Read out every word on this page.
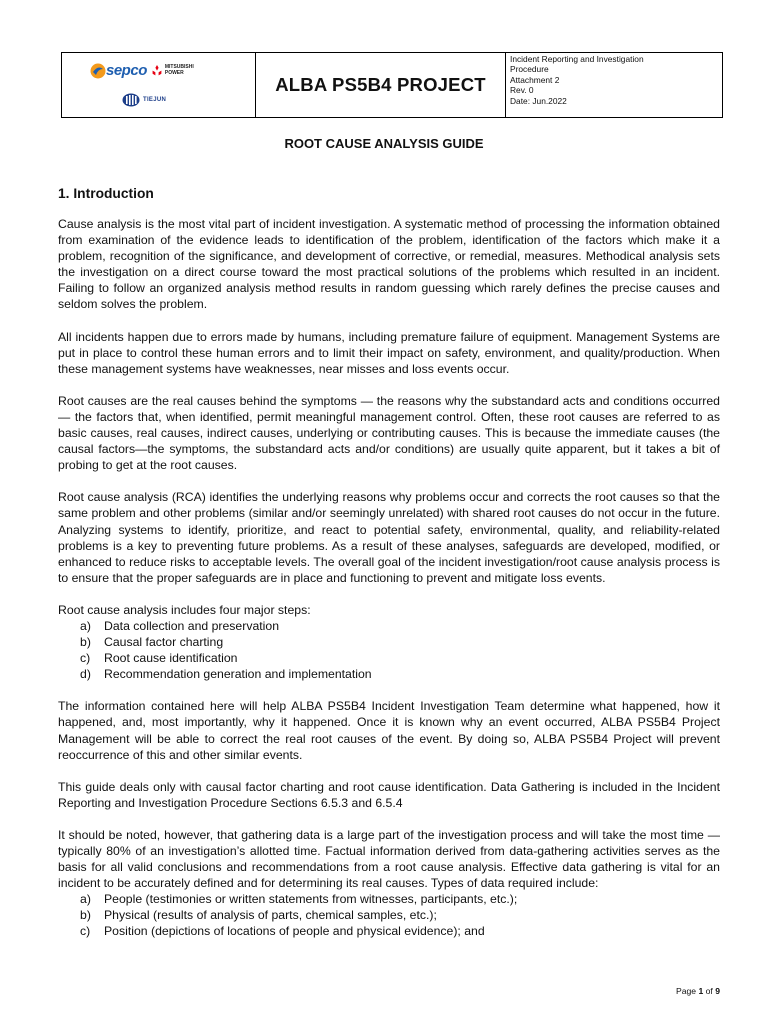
sepco	MITSUBISHI
POWER
TIEJUN
ALBA PS5B4 PROJECT
Incident Reporting and Investigation
Procedure
Attachment 2
Rev. 0
Date: Jun.2022
ROOT CAUSE ANALYSIS GUIDE
1. Introduction

Cause analysis is the most vital part of incident investigation. A systematic method of processing the information obtained from examination of the evidence leads to identification of the problem, identification of the factors which make it a problem, recognition of the significance, and development of corrective, or remedial, measures. Methodical analysis sets the investigation on a direct course toward the most practical solutions of the problems which resulted in an incident. Failing to follow an organized analysis method results in random guessing which rarely defines the precise causes and seldom solves the problem.

All incidents happen due to errors made by humans, including premature failure of equipment. Management Systems are put in place to control these human errors and to limit their impact on safety, environment, and quality/production. When these management systems have weaknesses, near misses and loss events occur.

Root causes are the real causes behind the symptoms — the reasons why the substandard acts and conditions occurred — the factors that, when identified, permit meaningful management control. Often, these root causes are referred to as basic causes, real causes, indirect causes, underlying or contributing causes. This is because the immediate causes (the causal factors—the symptoms, the substandard acts and/or conditions) are usually quite apparent, but it takes a bit of probing to get at the root causes.

Root cause analysis (RCA) identifies the underlying reasons why problems occur and corrects the root causes so that the same problem and other problems (similar and/or seemingly unrelated) with shared root causes do not occur in the future. Analyzing systems to identify, prioritize, and react to potential safety, environmental, quality, and reliability-related problems is a key to preventing future problems. As a result of these analyses, safeguards are developed, modified, or enhanced to reduce risks to acceptable levels. The overall goal of the incident investigation/root cause analysis process is to ensure that the proper safeguards are in place and functioning to prevent and mitigate loss events.

Root cause analysis includes four major steps:

a)	Data collection and preservation
b)	Causal factor charting
c)	Root cause identification
d)	Recommendation generation and implementation

The information contained here will help ALBA PS5B4 Incident Investigation Team determine what happened, how it happened, and, most importantly, why it happened. Once it is known why an event occurred, ALBA PS5B4 Project Management will be able to correct the real root causes of the event. By doing so, ALBA PS5B4 Project will prevent reoccurrence of this and other similar events.

This guide deals only with causal factor charting and root cause identification. Data Gathering is included in the Incident Reporting and Investigation Procedure Sections 6.5.3 and 6.5.4

It should be noted, however, that gathering data is a large part of the investigation process and will take the most time — typically 80% of an investigation’s allotted time. Factual information derived from data-gathering activities serves as the basis for all valid conclusions and recommendations from a root cause analysis. Effective data gathering is vital for an incident to be accurately defined and for determining its real causes. Types of data required include:

a)	People (testimonies or written statements from witnesses, participants, etc.);
b)	Physical (results of analysis of parts, chemical samples, etc.);
c)	Position (depictions of locations of people and physical evidence); and
Page 1 of 9
